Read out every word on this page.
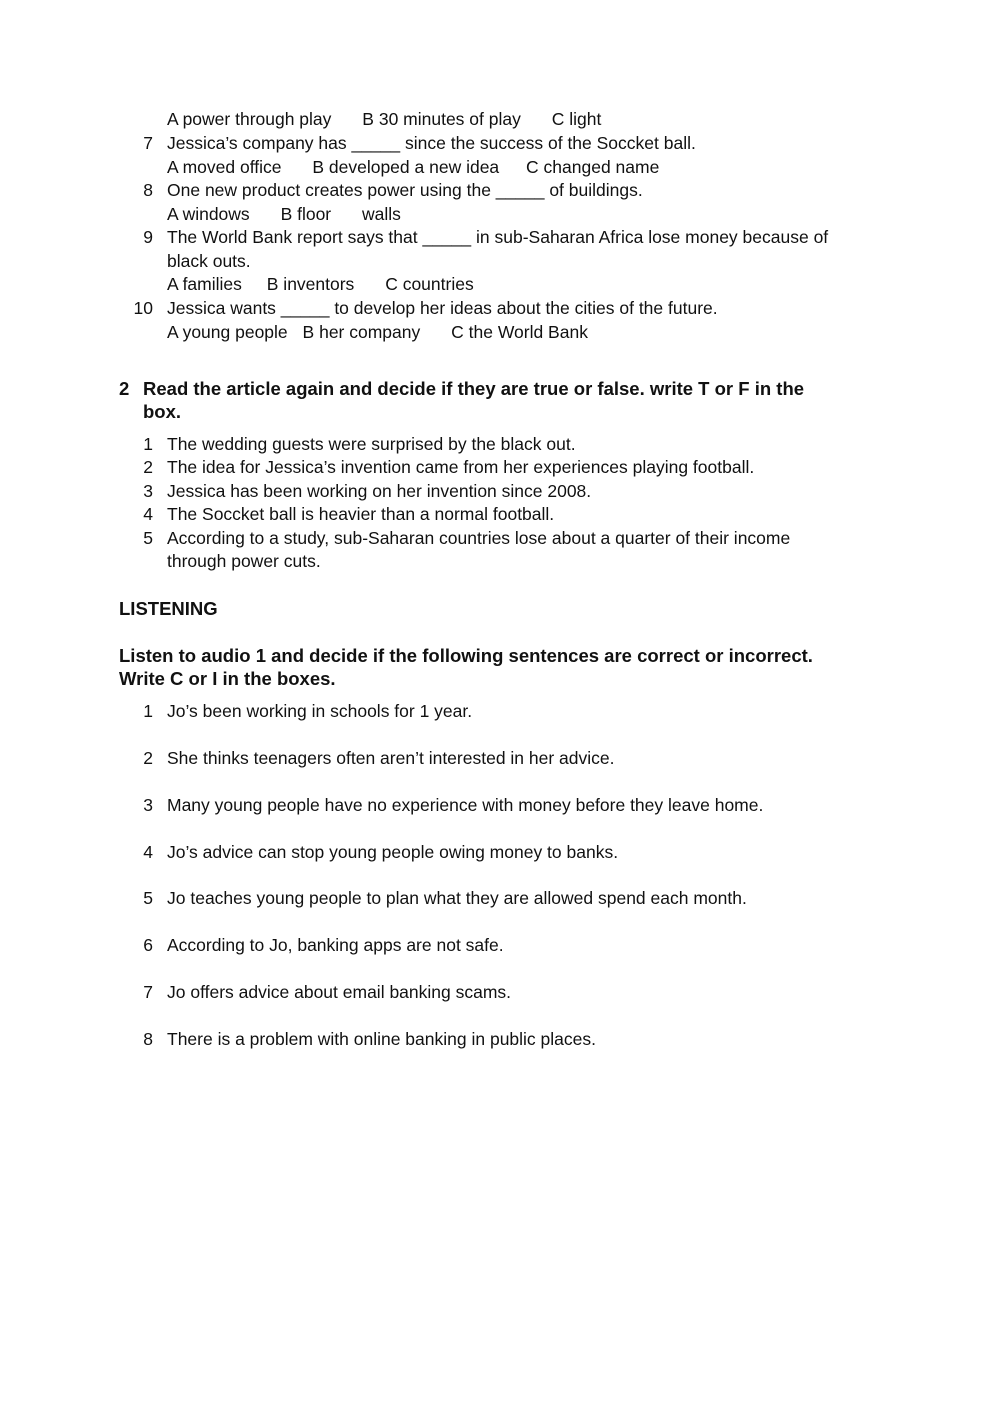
A power through play B 30 minutes of play C light
7 Jessica’s company has _____ since the success of the Soccket ball.
A moved office B developed a new idea C changed name
8 One new product creates power using the _____ of buildings.
A windows B floor walls
9 The World Bank report says that _____ in sub-Saharan Africa lose money because of
black outs.
A families B inventors C countries
10 Jessica wants _____ to develop her ideas about the cities of the future.
A young people B her company C the World Bank
2 Read the article again and decide if they are true or false. write T or F in the
box.
1 The wedding guests were surprised by the black out.
2 The idea for Jessica’s invention came from her experiences playing football.
3 Jessica has been working on her invention since 2008.
4 The Soccket ball is heavier than a normal football.
5 According to a study, sub-Saharan countries lose about a quarter of their income
through power cuts.
LISTENING
Listen to audio 1 and decide if the following sentences are correct or incorrect.
Write C or I in the boxes.
1 Jo’s been working in schools for 1 year.
2 She thinks teenagers often aren’t interested in her advice.
3 Many young people have no experience with money before they leave home.
4 Jo’s advice can stop young people owing money to banks.
5 Jo teaches young people to plan what they are allowed spend each month.
6 According to Jo, banking apps are not safe.
7 Jo offers advice about email banking scams.
8 There is a problem with online banking in public places.
